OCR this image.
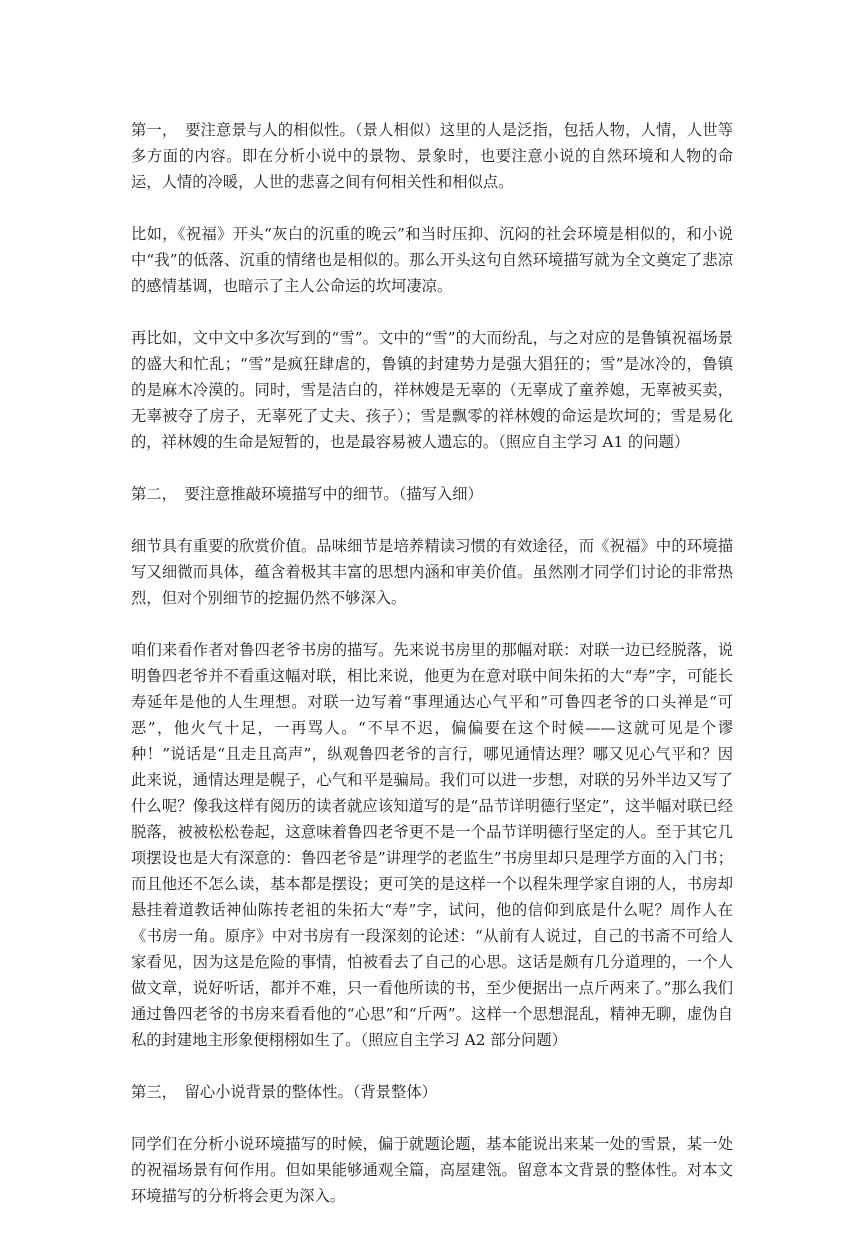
第一，　要注意景与人的相似性。（景人相似）这里的人是泛指，包括人物，人情，人世等多方面的内容。即在分析小说中的景物、景象时，也要注意小说的自然环境和人物的命运，人情的冷暖，人世的悲喜之间有何相关性和相似点。

比如，《祝福》开头“灰白的沉重的晚云”和当时压抑、沉闷的社会环境是相似的，和小说中“我”的低落、沉重的情绪也是相似的。那么开头这句自然环境描写就为全文奠定了悲凉的感情基调，也暗示了主人公命运的坎坷凄凉。

再比如，文中文中多次写到的“雪”。文中的“雪”的大而纷乱，与之对应的是鲁镇祝福场景的盛大和忙乱；“雪”是疯狂肆虐的，鲁镇的封建势力是强大猖狂的；雪”是冰冷的，鲁镇的是麻木冷漠的。同时，雪是洁白的，祥林嫂是无辜的（无辜成了童养媳，无辜被买卖，无辜被夺了房子，无辜死了丈夫、孩子）；雪是飘零的祥林嫂的命运是坎坷的；雪是易化的，祥林嫂的生命是短暂的，也是最容易被人遗忘的。（照应自主学习 A1 的问题）

第二，　要注意推敲环境描写中的细节。（描写入细）

细节具有重要的欣赏价值。品味细节是培养精读习惯的有效途径，而《祝福》中的环境描写又细微而具体，蕴含着极其丰富的思想内涵和审美价值。虽然刚才同学们讨论的非常热烈，但对个别细节的挖掘仍然不够深入。

咱们来看作者对鲁四老爷书房的描写。先来说书房里的那幅对联：对联一边已经脱落，说明鲁四老爷并不看重这幅对联，相比来说，他更为在意对联中间朱拓的大“寿”字，可能长寿延年是他的人生理想。对联一边写着“事理通达心气平和”可鲁四老爷的口头禅是“可恶”，他火气十足，一再骂人。“不早不迟，偏偏要在这个时候——这就可见是个谬种！”说话是“且走且高声”，纵观鲁四老爷的言行，哪见通情达理？哪又见心气平和？因此来说，通情达理是幌子，心气和平是骗局。我们可以进一步想，对联的另外半边又写了什么呢？像我这样有阅历的读者就应该知道写的是“品节详明德行坚定”，这半幅对联已经脱落，被被松松卷起，这意味着鲁四老爷更不是一个品节详明德行坚定的人。至于其它几项摆设也是大有深意的：鲁四老爷是”讲理学的老监生”书房里却只是理学方面的入门书；而且他还不怎么读，基本都是摆设；更可笑的是这样一个以程朱理学家自诩的人，书房却悬挂着道教话神仙陈抟老祖的朱拓大“寿”字，试问，他的信仰到底是什么呢？周作人在《书房一角。原序》中对书房有一段深刻的论述：“从前有人说过，自己的书斋不可给人家看见，因为这是危险的事情，怕被看去了自己的心思。这话是颇有几分道理的，一个人做文章，说好听话，都并不难，只一看他所读的书，至少便据出一点斤两来了。”那么我们通过鲁四老爷的书房来看看他的“心思”和“斤两”。这样一个思想混乱，精神无聊，虚伪自私的封建地主形象便栩栩如生了。（照应自主学习 A2 部分问题）

第三，　留心小说背景的整体性。（背景整体）

同学们在分析小说环境描写的时候，偏于就题论题，基本能说出来某一处的雪景，某一处的祝福场景有何作用。但如果能够通观全篇，高屋建瓴。留意本文背景的整体性。对本文环境描写的分析将会更为深入。
